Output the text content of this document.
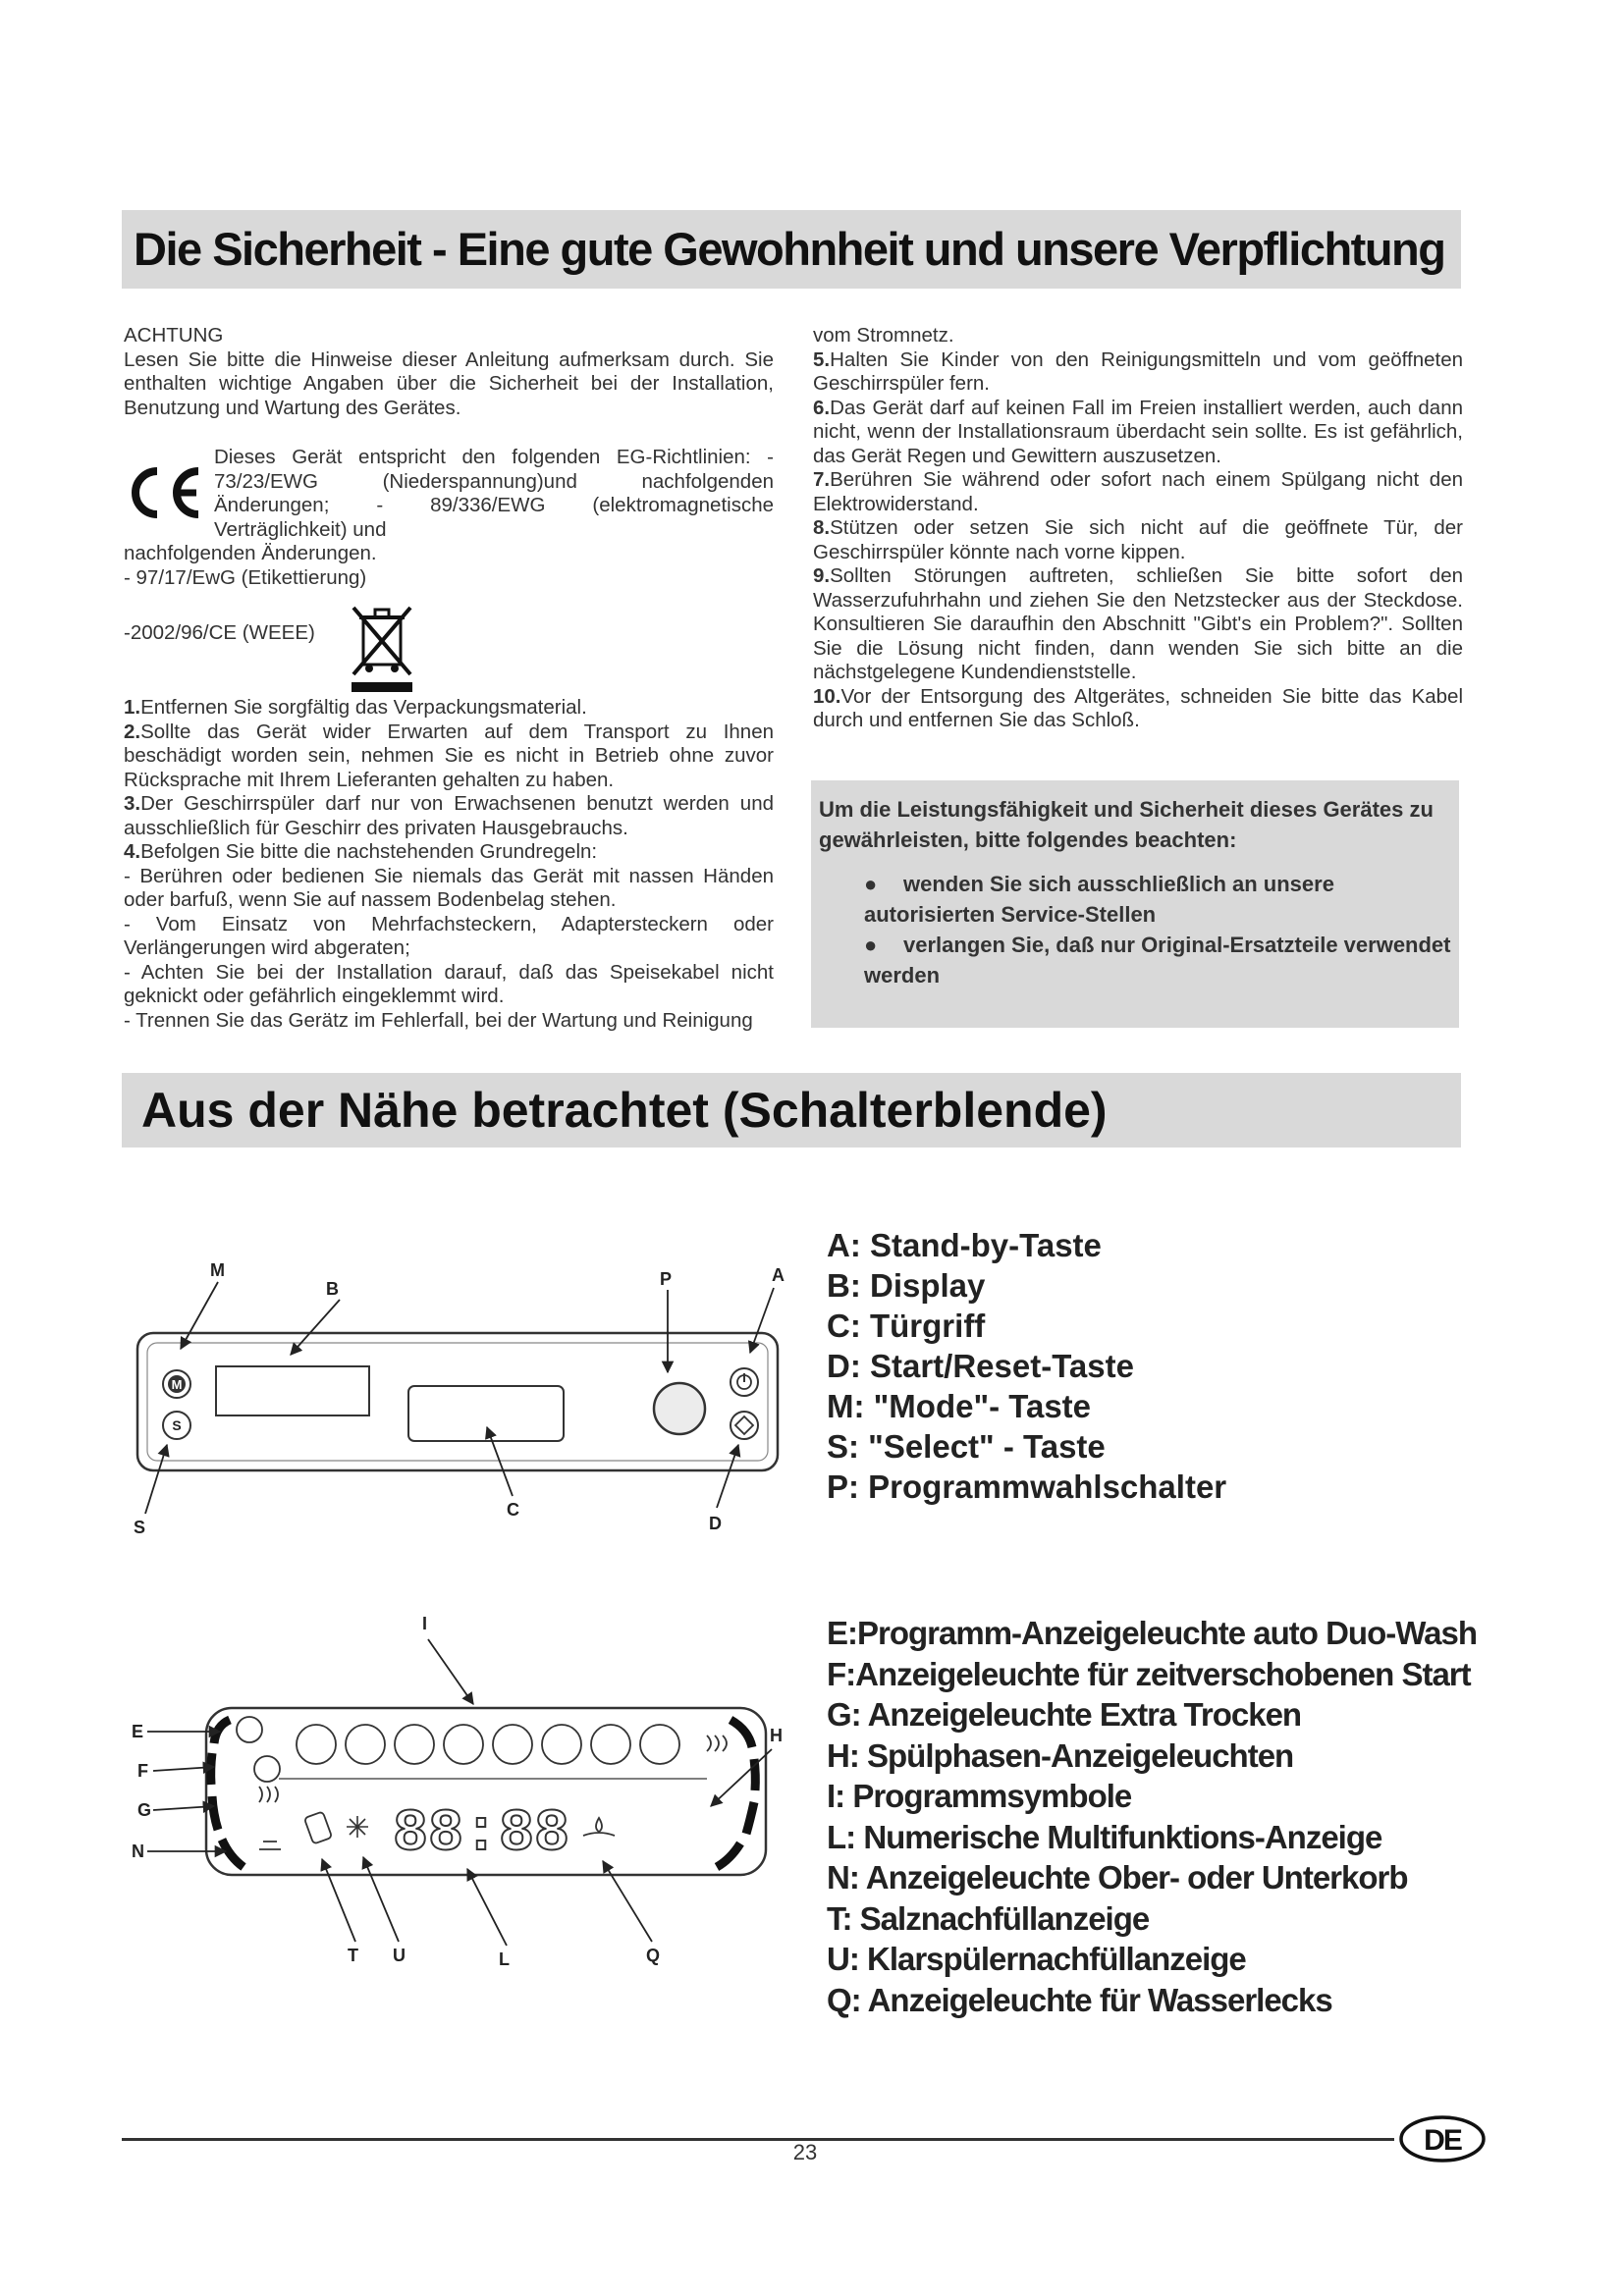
Die Sicherheit - Eine gute Gewohnheit und unsere Verpflichtung

ACHTUNG

Lesen Sie bitte die Hinweise dieser Anleitung aufmerksam durch. Sie enthalten wichtige Angaben über die Sicherheit bei der Installation, Benutzung und Wartung des Gerätes.

Dieses Gerät entspricht den folgenden EG-Richtlinien: - 73/23/EWG (Niederspannung)und nachfolgenden Änderungen; - 89/336/EWG (elektromagnetische Verträglichkeit) und

nachfolgenden Änderungen.

- 97/17/EwG (Etikettierung)

-2002/96/CE (WEEE)

1.Entfernen Sie sorgfältig das Verpackungsmaterial.

2.Sollte das Gerät wider Erwarten auf dem Transport zu Ihnen beschädigt worden sein, nehmen Sie es nicht in Betrieb ohne zuvor Rücksprache mit Ihrem Lieferanten gehalten zu haben.

3.Der Geschirrspüler darf nur von Erwachsenen benutzt werden und ausschließlich für Geschirr des privaten Hausgebrauchs.

4.Befolgen Sie bitte die nachstehenden Grundregeln:

- Berühren oder bedienen Sie niemals das Gerät mit nassen Händen oder barfuß, wenn Sie auf nassem Bodenbelag stehen.

- Vom Einsatz von Mehrfachsteckern, Adaptersteckern oder Verlängerungen wird abgeraten;

- Achten Sie bei der Installation darauf, daß das Speisekabel nicht geknickt oder gefährlich eingeklemmt wird.

- Trennen Sie das Gerätz im Fehlerfall, bei der Wartung und Reinigung

vom Stromnetz.

5.Halten Sie Kinder von den Reinigungsmitteln und vom geöffneten Geschirrspüler fern.

6.Das Gerät darf auf keinen Fall im Freien installiert werden, auch dann nicht, wenn der Installationsraum überdacht sein sollte. Es ist gefährlich, das Gerät Regen und Gewittern auszusetzen.

7.Berühren Sie während oder sofort nach einem Spülgang nicht den Elektrowiderstand.

8.Stützen oder setzen Sie sich nicht auf die geöffnete Tür, der Geschirrspüler könnte nach vorne kippen.

9.Sollten Störungen auftreten, schließen Sie bitte sofort den Wasserzufuhrhahn und ziehen Sie den Netzstecker aus der Steckdose. Konsultieren Sie daraufhin den Abschnitt "Gibt's ein Problem?". Sollten Sie die Lösung nicht finden, dann wenden Sie sich bitte an die nächstgelegene Kundendienststelle.

10.Vor der Entsorgung des Altgerätes, schneiden Sie bitte das Kabel durch und entfernen Sie das Schloß.

Um die Leistungsfähigkeit und Sicherheit dieses Gerätes zu gewährleisten, bitte folgendes beachten:
● wenden Sie sich ausschließlich an unsere autorisierten Service-Stellen
● verlangen Sie, daß nur Original-Ersatzteile verwendet werden
Aus der Nähe betrachtet (Schalterblende)
M
S
M
B	P	A
S
C
D
A: Stand-by-Taste
B: Display
C: Türgriff
D: Start/Reset-Taste
M: "Mode"- Taste
S: "Select" - Taste
P: Programmwahlschalter
88:88
I
E
F
G
N
H
T U	L	Q
E:Programm-Anzeigeleuchte auto Duo-Wash
F:Anzeigeleuchte für zeitverschobenen Start
G: Anzeigeleuchte Extra Trocken
H: Spülphasen-Anzeigeleuchten
I: Programmsymbole
L: Numerische Multifunktions-Anzeige
N: Anzeigeleuchte Ober- oder Unterkorb
T: Salznachfüllanzeige
U: Klarspülernachfüllanzeige
Q: Anzeigeleuchte für Wasserlecks
23	DE
